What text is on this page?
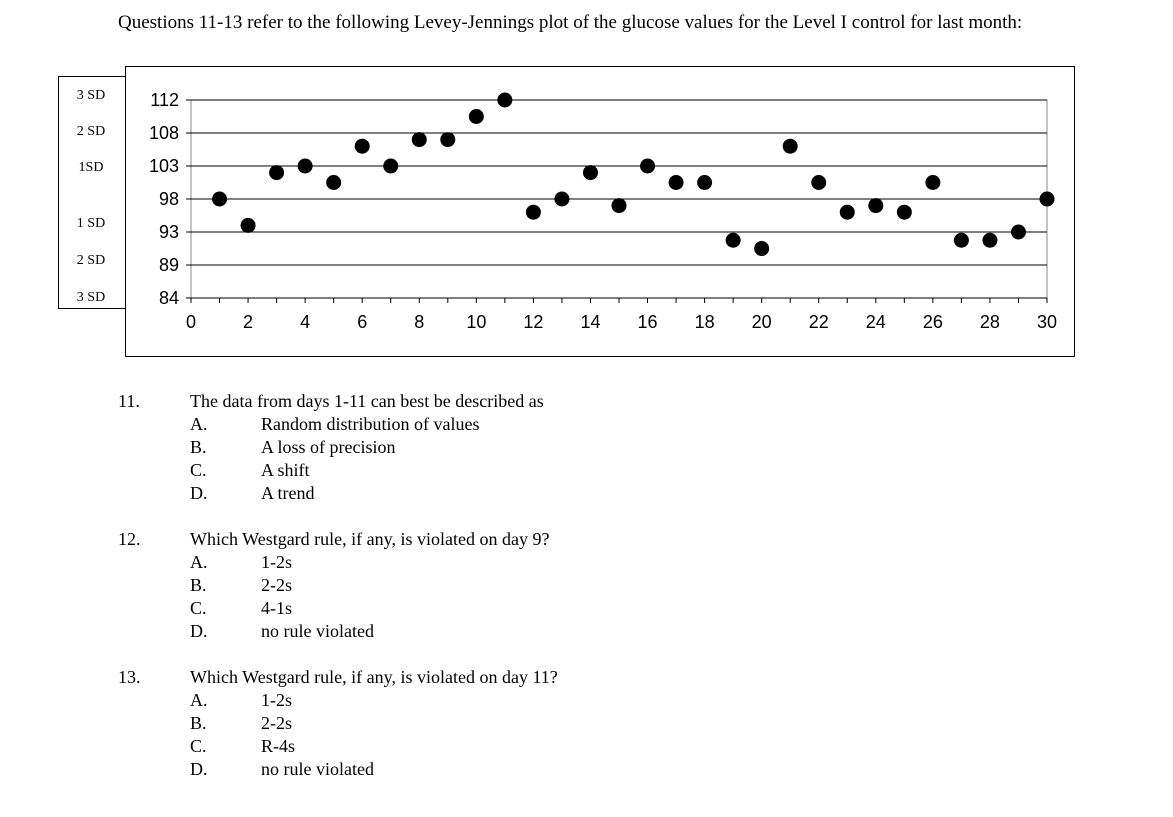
Questions 11-13 refer to the following Levey-Jennings plot of the glucose values for the Level I control for last month:
3 SD
2 SD
1SD
1 SD
2 SD
3 SD	84
89
93
98
103
108
112
0	2	4	6	8 10 12 14 16 18 20 22 24 26 28 30
11.	The data from days 1-11 can best be described as
A.	Random distribution of values
B.	A loss of precision
C.	A shift
D.	A trend
12.	Which Westgard rule, if any, is violated on day 9?
A.	1-2s
B.	2-2s
C.	4-1s
D.	no rule violated
13.	Which Westgard rule, if any, is violated on day 11?
A.	1-2s
B.	2-2s
C.	R-4s
D.	no rule violated
